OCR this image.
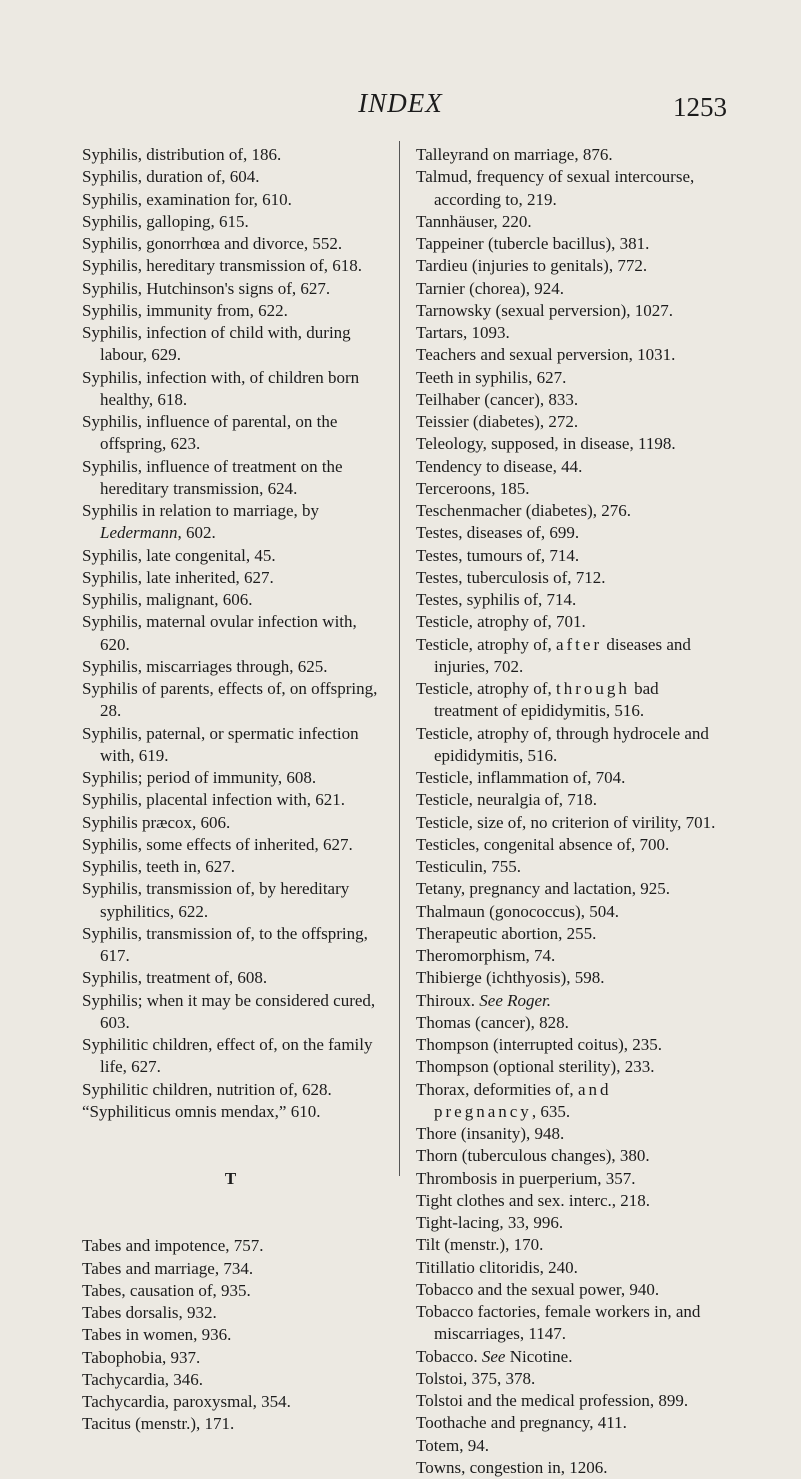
INDEX	1253
Syphilis, distribution of, 186.
Syphilis, duration of, 604.
Syphilis, examination for, 610.
Syphilis, galloping, 615.
Syphilis, gonorrhœa and divorce, 552.
Syphilis, hereditary transmission of, 618.
Syphilis, Hutchinson's signs of, 627.
Syphilis, immunity from, 622.
Syphilis, infection of child with, during labour, 629.
Syphilis, infection with, of children born healthy, 618.
Syphilis, influence of parental, on the offspring, 623.
Syphilis, influence of treatment on the hereditary transmission, 624.
Syphilis in relation to marriage, by Ledermann, 602.
Syphilis, late congenital, 45.
Syphilis, late inherited, 627.
Syphilis, malignant, 606.
Syphilis, maternal ovular infection with, 620.
Syphilis, miscarriages through, 625.
Syphilis of parents, effects of, on offspring, 28.
Syphilis, paternal, or spermatic infection with, 619.
Syphilis; period of immunity, 608.
Syphilis, placental infection with, 621.
Syphilis præcox, 606.
Syphilis, some effects of inherited, 627.
Syphilis, teeth in, 627.
Syphilis, transmission of, by hereditary syphilitics, 622.
Syphilis, transmission of, to the offspring, 617.
Syphilis, treatment of, 608.
Syphilis; when it may be considered cured, 603.
Syphilitic children, effect of, on the family life, 627.
Syphilitic children, nutrition of, 628.
“Syphiliticus omnis mendax,” 610.
T
Tabes and impotence, 757.
Tabes and marriage, 734.
Tabes, causation of, 935.
Tabes dorsalis, 932.
Tabes in women, 936.
Tabophobia, 937.
Tachycardia, 346.
Tachycardia, paroxysmal, 354.
Tacitus (menstr.), 171.
Talleyrand on marriage, 876.
Talmud, frequency of sexual intercourse, according to, 219.
Tannhäuser, 220.
Tappeiner (tubercle bacillus), 381.
Tardieu (injuries to genitals), 772.
Tarnier (chorea), 924.
Tarnowsky (sexual perversion), 1027.
Tartars, 1093.
Teachers and sexual perversion, 1031.
Teeth in syphilis, 627.
Teilhaber (cancer), 833.
Teissier (diabetes), 272.
Teleology, supposed, in disease, 1198.
Tendency to disease, 44.
Terceroons, 185.
Teschenmacher (diabetes), 276.
Testes, diseases of, 699.
Testes, tumours of, 714.
Testes, tuberculosis of, 712.
Testes, syphilis of, 714.
Testicle, atrophy of, 701.
Testicle, atrophy of, after diseases and injuries, 702.
Testicle, atrophy of, through bad treatment of epididymitis, 516.
Testicle, atrophy of, through hydrocele and epididymitis, 516.
Testicle, inflammation of, 704.
Testicle, neuralgia of, 718.
Testicle, size of, no criterion of virility, 701.
Testicles, congenital absence of, 700.
Testiculin, 755.
Tetany, pregnancy and lactation, 925.
Thalmaun (gonococcus), 504.
Therapeutic abortion, 255.
Theromorphism, 74.
Thibierge (ichthyosis), 598.
Thiroux. See Roger.
Thomas (cancer), 828.
Thompson (interrupted coitus), 235.
Thompson (optional sterility), 233.
Thorax, deformities of, and pregnancy, 635.
Thore (insanity), 948.
Thorn (tuberculous changes), 380.
Thrombosis in puerperium, 357.
Tight clothes and sex. interc., 218.
Tight-lacing, 33, 996.
Tilt (menstr.), 170.
Titillatio clitoridis, 240.
Tobacco and the sexual power, 940.
Tobacco factories, female workers in, and miscarriages, 1147.
Tobacco. See Nicotine.
Tolstoi, 375, 378.
Tolstoi and the medical profession, 899.
Toothache and pregnancy, 411.
Totem, 94.
Towns, congestion in, 1206.
